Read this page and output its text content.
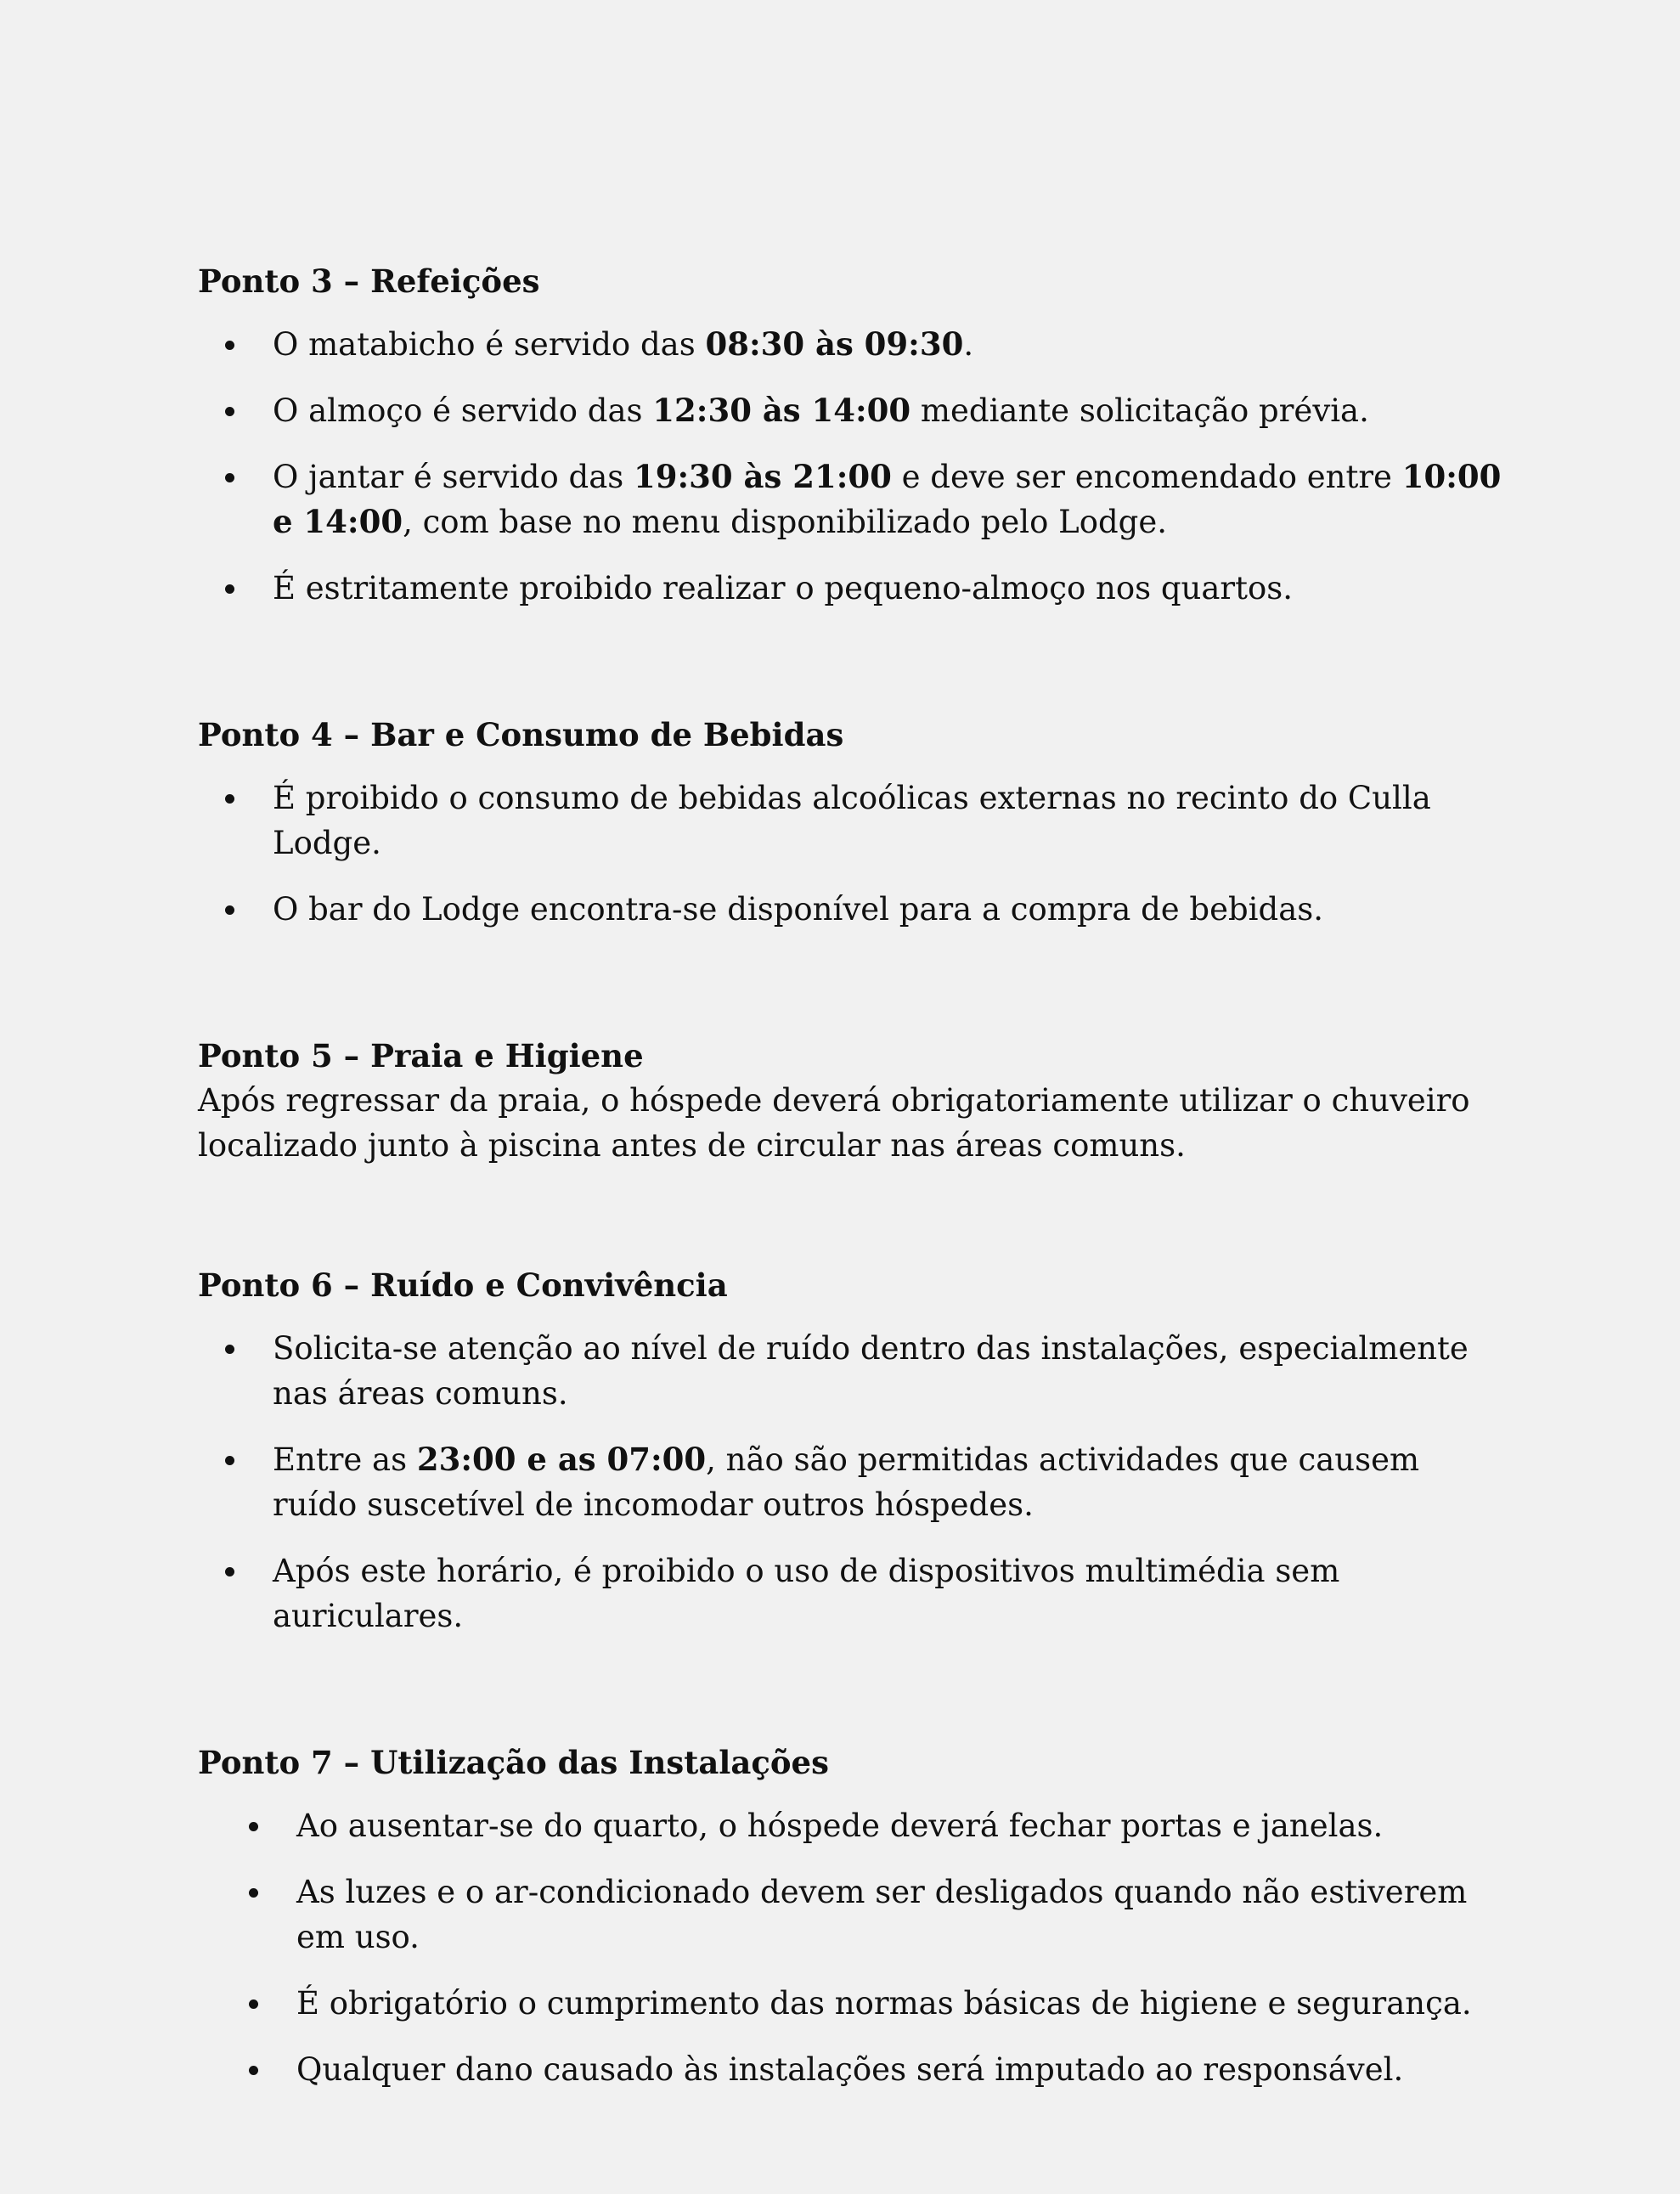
Ponto 3 – Refeições
O matabicho é servido das 08:30 às 09:30.
O almoço é servido das 12:30 às 14:00 mediante solicitação prévia.
O jantar é servido das 19:30 às 21:00 e deve ser encomendado entre 10:00 e 14:00, com base no menu disponibilizado pelo Lodge.
É estritamente proibido realizar o pequeno-almoço nos quartos.
Ponto 4 – Bar e Consumo de Bebidas
É proibido o consumo de bebidas alcoólicas externas no recinto do Culla Lodge.
O bar do Lodge encontra-se disponível para a compra de bebidas.
Ponto 5 – Praia e Higiene

Após regressar da praia, o hóspede deverá obrigatoriamente utilizar o chuveiro localizado junto à piscina antes de circular nas áreas comuns.

Ponto 6 – Ruído e Convivência
Solicita-se atenção ao nível de ruído dentro das instalações, especialmente nas áreas comuns.
Entre as 23:00 e as 07:00, não são permitidas actividades que causem ruído suscetível de incomodar outros hóspedes.
Após este horário, é proibido o uso de dispositivos multimédia sem auriculares.
Ponto 7 – Utilização das Instalações
Ao ausentar-se do quarto, o hóspede deverá fechar portas e janelas.
As luzes e o ar-condicionado devem ser desligados quando não estiverem em uso.
É obrigatório o cumprimento das normas básicas de higiene e segurança.
Qualquer dano causado às instalações será imputado ao responsável.
